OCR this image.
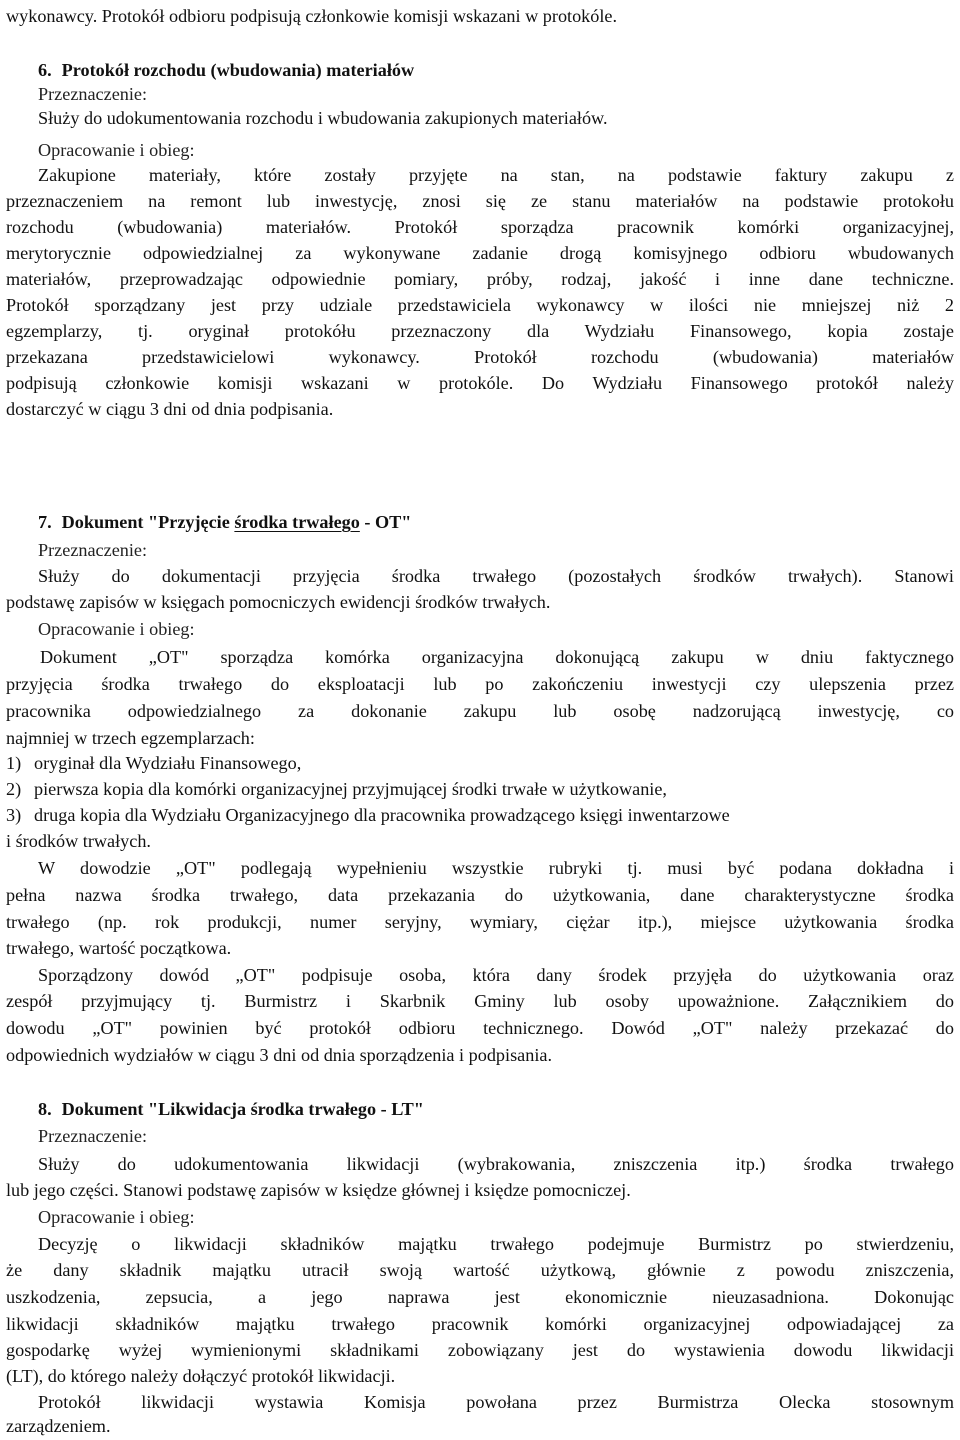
wykonawcy. Protokół odbioru podpisują członkowie komisji wskazani w protokóle.

6. Protokół rozchodu (wbudowania) materiałów

Przeznaczenie:

Służy do udokumentowania rozchodu i wbudowania zakupionych materiałów.

Opracowanie i obieg:

Zakupione materiały, które zostały przyjęte na stan, na podstawie faktury zakupu z

przeznaczeniem na remont lub inwestycję, znosi się ze stanu materiałów na podstawie protokołu

rozchodu (wbudowania) materiałów. Protokół sporządza pracownik komórki organizacyjnej,

merytorycznie odpowiedzialnej za wykonywane zadanie drogą komisyjnego odbioru wbudowanych

materiałów, przeprowadzając odpowiednie pomiary, próby, rodzaj, jakość i inne dane techniczne.

Protokół sporządzany jest przy udziale przedstawiciela wykonawcy w ilości nie mniejszej niż 2

egzemplarzy, tj. oryginał protokółu przeznaczony dla Wydziału Finansowego, kopia zostaje

przekazana przedstawicielowi wykonawcy. Protokół rozchodu (wbudowania) materiałów

podpisują członkowie komisji wskazani w protokóle. Do Wydziału Finansowego protokół należy

dostarczyć w ciągu 3 dni od dnia podpisania.

7. Dokument "Przyjęcie środka trwałego - OT"

Przeznaczenie:

Służy do dokumentacji przyjęcia środka trwałego (pozostałych środków trwałych). Stanowi

podstawę zapisów w księgach pomocniczych ewidencji środków trwałych.

Opracowanie i obieg:

Dokument „OT" sporządza komórka organizacyjna dokonującą zakupu w dniu faktycznego

przyjęcia środka trwałego do eksploatacji lub po zakończeniu inwestycji czy ulepszenia przez

pracownika odpowiedzialnego za dokonanie zakupu lub osobę nadzorującą inwestycję, co

najmniej w trzech egzemplarzach:

1) oryginał dla Wydziału Finansowego,

2) pierwsza kopia dla komórki organizacyjnej przyjmującej środki trwałe w użytkowanie,

3) druga kopia dla Wydziału Organizacyjnego dla pracownika prowadzącego księgi inwentarzowe

i środków trwałych.

W dowodzie „OT" podlegają wypełnieniu wszystkie rubryki tj. musi być podana dokładna i

pełna nazwa środka trwałego, data przekazania do użytkowania, dane charakterystyczne środka

trwałego (np. rok produkcji, numer seryjny, wymiary, ciężar itp.), miejsce użytkowania środka

trwałego, wartość początkowa.

Sporządzony dowód „OT" podpisuje osoba, która dany środek przyjęła do użytkowania oraz

zespół przyjmujący tj. Burmistrz i Skarbnik Gminy lub osoby upoważnione. Załącznikiem do

dowodu „OT" powinien być protokół odbioru technicznego. Dowód „OT" należy przekazać do

odpowiednich wydziałów w ciągu 3 dni od dnia sporządzenia i podpisania.

8. Dokument "Likwidacja środka trwałego - LT"

Przeznaczenie:

Służy do udokumentowania likwidacji (wybrakowania, zniszczenia itp.) środka trwałego

lub jego części. Stanowi podstawę zapisów w księdze głównej i księdze pomocniczej.

Opracowanie i obieg:

Decyzję o likwidacji składników majątku trwałego podejmuje Burmistrz po stwierdzeniu,

że dany składnik majątku utracił swoją wartość użytkową, głównie z powodu zniszczenia,

uszkodzenia, zepsucia, a jego naprawa jest ekonomicznie nieuzasadniona. Dokonując

likwidacji składników majątku trwałego pracownik komórki organizacyjnej odpowiadającej za

gospodarkę wyżej wymienionymi składnikami zobowiązany jest do wystawienia dowodu likwidacji

(LT), do którego należy dołączyć protokół likwidacji.

Protokół likwidacji wystawia Komisja powołana przez Burmistrza Olecka stosownym

zarządzeniem.
